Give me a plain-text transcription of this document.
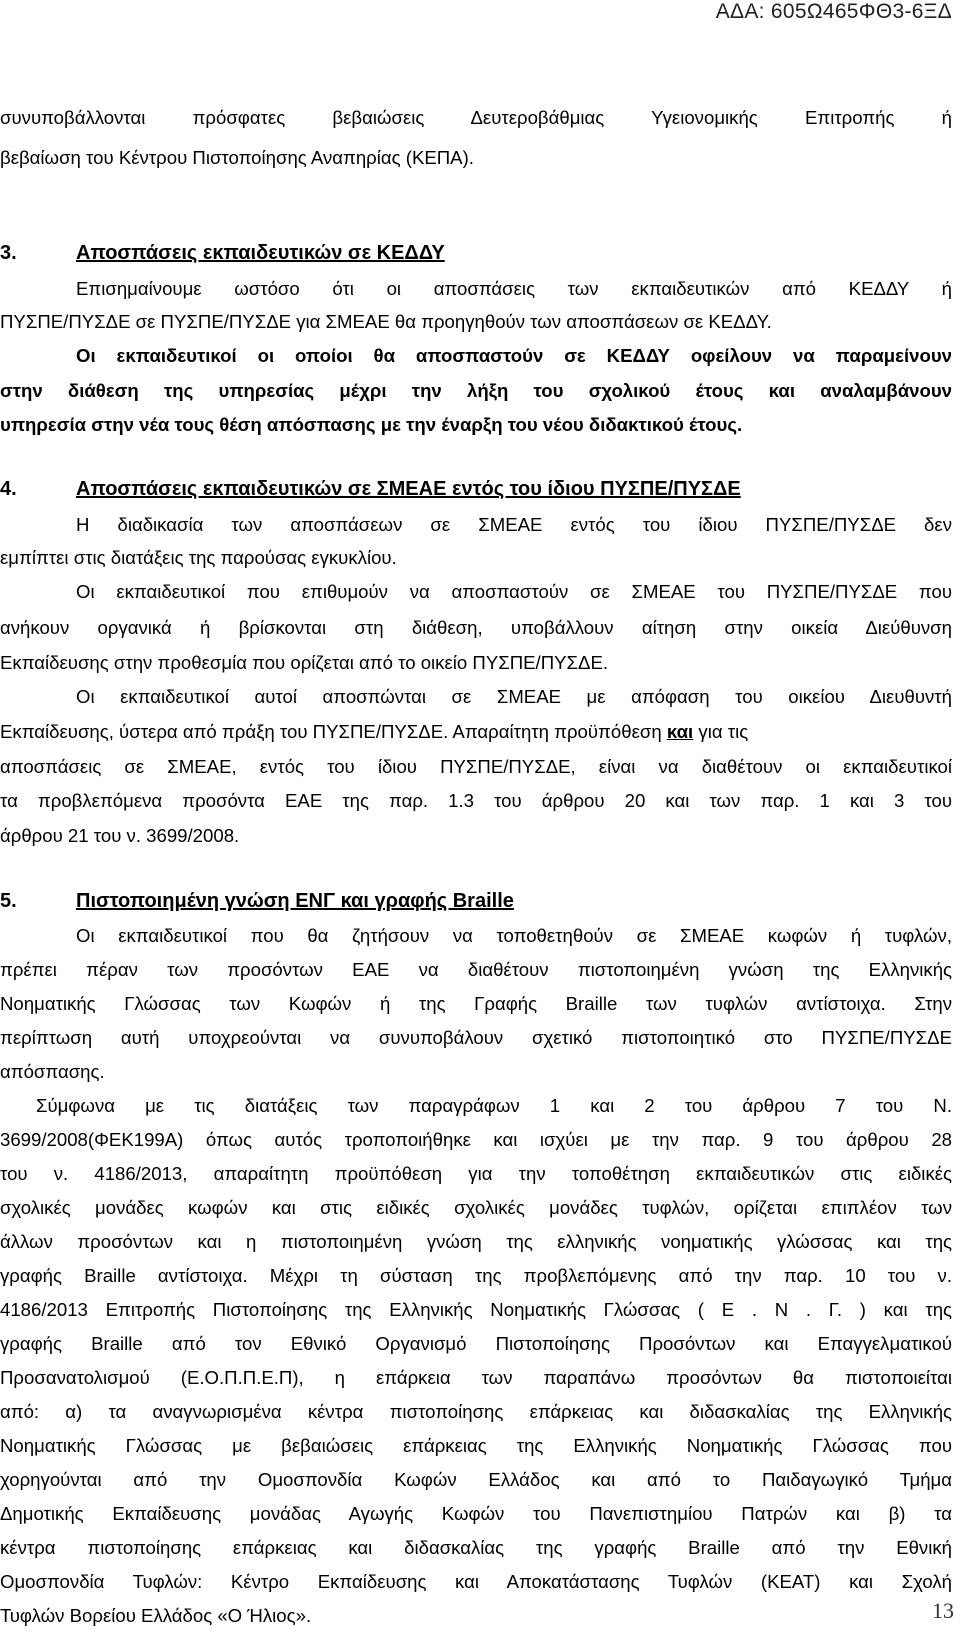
ΑΔΑ: 605Ω465ΦΘ3-6ΞΔ
συνυποβάλλονται πρόσφατες βεβαιώσεις Δευτεροβάθμιας Υγειονομικής Επιτροπής ή
βεβαίωση του Κέντρου Πιστοποίησης Αναπηρίας (ΚΕΠΑ).
3.	Αποσπάσεις εκπαιδευτικών σε ΚΕΔΔΥ
Επισημαίνουμε ωστόσο ότι οι αποσπάσεις των εκπαιδευτικών από ΚΕΔΔΥ ή
ΠΥΣΠΕ/ΠΥΣΔΕ σε ΠΥΣΠΕ/ΠΥΣΔΕ για ΣΜΕΑΕ θα προηγηθούν των αποσπάσεων σε ΚΕΔΔΥ.
Οι εκπαιδευτικοί οι οποίοι θα αποσπαστούν σε ΚΕΔΔΥ οφείλουν να παραμείνουν
στην διάθεση της υπηρεσίας μέχρι την λήξη του σχολικού έτους και αναλαμβάνουν
υπηρεσία στην νέα τους θέση απόσπασης με την έναρξη του νέου διδακτικού έτους.
4.	Αποσπάσεις εκπαιδευτικών σε ΣΜΕΑΕ εντός του ίδιου ΠΥΣΠΕ/ΠΥΣΔΕ
Η διαδικασία των αποσπάσεων σε ΣΜΕΑΕ εντός του ίδιου ΠΥΣΠΕ/ΠΥΣΔΕ δεν
εμπίπτει στις διατάξεις της παρούσας εγκυκλίου.
Οι εκπαιδευτικοί που επιθυμούν να αποσπαστούν σε ΣΜΕΑΕ του ΠΥΣΠΕ/ΠΥΣΔΕ που
ανήκουν οργανικά ή βρίσκονται στη διάθεση, υποβάλλουν αίτηση στην οικεία Διεύθυνση
Εκπαίδευσης στην προθεσμία που ορίζεται από το οικείο ΠΥΣΠΕ/ΠΥΣΔΕ.
Οι εκπαιδευτικοί αυτοί αποσπώνται σε ΣΜΕΑΕ με απόφαση του οικείου Διευθυντή
Εκπαίδευσης, ύστερα από πράξη του ΠΥΣΠΕ/ΠΥΣΔΕ. Απαραίτητη προϋπόθεση και για τις
αποσπάσεις σε ΣΜΕΑΕ, εντός του ίδιου ΠΥΣΠΕ/ΠΥΣΔΕ, είναι να διαθέτουν οι εκπαιδευτικοί
τα προβλεπόμενα προσόντα ΕΑΕ της παρ. 1.3 του άρθρου 20 και των παρ. 1 και 3 του
άρθρου 21 του ν. 3699/2008.
5.	Πιστοποιημένη γνώση ΕΝΓ και γραφής Braille
Οι εκπαιδευτικοί που θα ζητήσουν να τοποθετηθούν σε ΣΜΕΑΕ κωφών ή τυφλών,
πρέπει πέραν των προσόντων ΕΑΕ να διαθέτουν πιστοποιημένη γνώση της Ελληνικής
Νοηματικής Γλώσσας των Κωφών ή της Γραφής Braille των τυφλών αντίστοιχα. Στην
περίπτωση αυτή υποχρεούνται να συνυποβάλουν σχετικό πιστοποιητικό στο ΠΥΣΠΕ/ΠΥΣΔΕ
απόσπασης.
Σύμφωνα με τις διατάξεις των παραγράφων 1 και 2 του άρθρου 7 του Ν.
3699/2008(ΦΕΚ199Α) όπως αυτός τροποποιήθηκε και ισχύει με την παρ. 9 του άρθρου 28
του ν. 4186/2013, απαραίτητη προϋπόθεση για την τοποθέτηση εκπαιδευτικών στις ειδικές
σχολικές μονάδες κωφών και στις ειδικές σχολικές μονάδες τυφλών, ορίζεται επιπλέον των
άλλων προσόντων και η πιστοποιημένη γνώση της ελληνικής νοηματικής γλώσσας και της
γραφής Braille αντίστοιχα. Μέχρι τη σύσταση της προβλεπόμενης από την παρ. 10 του ν.
4186/2013 Επιτροπής Πιστοποίησης της Ελληνικής Νοηματικής Γλώσσας ( Ε . Ν . Γ. ) και της
γραφής Braille από τον Εθνικό Οργανισμό Πιστοποίησης Προσόντων και Επαγγελματικού
Προσανατολισμού (Ε.Ο.Π.Π.Ε.Π), η επάρκεια των παραπάνω προσόντων θα πιστοποιείται
από: α) τα αναγνωρισμένα κέντρα πιστοποίησης επάρκειας και διδασκαλίας της Ελληνικής
Νοηματικής Γλώσσας με βεβαιώσεις επάρκειας της Ελληνικής Νοηματικής Γλώσσας που
χορηγούνται από την Ομοσπονδία Κωφών Ελλάδος και από το Παιδαγωγικό Τμήμα
Δημοτικής Εκπαίδευσης μονάδας Αγωγής Κωφών του Πανεπιστημίου Πατρών και β) τα
κέντρα πιστοποίησης επάρκειας και διδασκαλίας της γραφής Braille από την Εθνική
Ομοσπονδία Τυφλών: Κέντρο Εκπαίδευσης και Αποκατάστασης Τυφλών (ΚΕΑΤ) και Σχολή
Τυφλών Βορείου Ελλάδος «Ο Ήλιος».	13
